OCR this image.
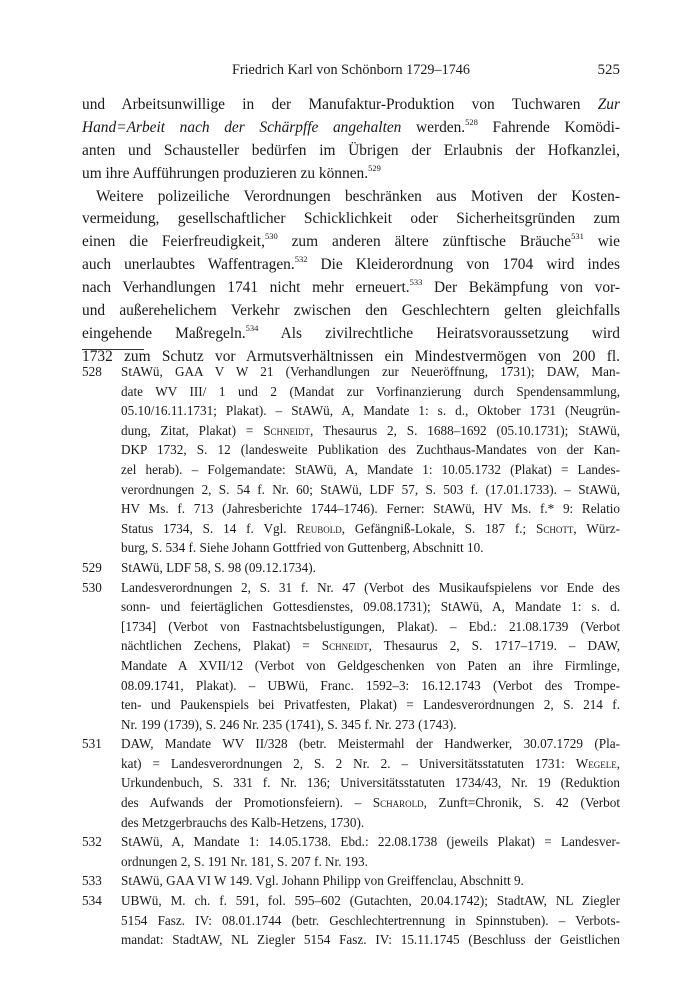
Friedrich Karl von Schönborn 1729–1746	525
und Arbeitsunwillige in der Manufaktur-Produktion von Tuchwaren Zur
Hand=Arbeit nach der Schärpffe angehalten werden.$^{528}$ Fahrende Komödi-
anten und Schausteller bedürfen im Übrigen der Erlaubnis der Hofkanzlei,
um ihre Aufführungen produzieren zu können.$^{529}$
Weitere polizeiliche Verordnungen beschränken aus Motiven der Kosten-
vermeidung, gesellschaftlicher Schicklichkeit oder Sicherheitsgründen zum
einen die Feierfreudigkeit,$^{530}$ zum anderen ältere zünftische Bräuche$^{531}$ wie
auch unerlaubtes Waffentragen.$^{532}$ Die Kleiderordnung von 1704 wird indes
nach Verhandlungen 1741 nicht mehr erneuert.$^{533}$ Der Bekämpfung von vor-
und außerehelichem Verkehr zwischen den Geschlechtern gelten gleichfalls
eingehende Maßregeln.$^{534}$ Als zivilrechtliche Heiratsvoraussetzung wird
1732 zum Schutz vor Armutsverhältnissen ein Mindestvermögen von 200 fl.
528 StAWü, GAA V W 21 (Verhandlungen zur Neueröffnung, 1731); DAW, Man-
date WV III/ 1 und 2 (Mandat zur Vorfinanzierung durch Spendensammlung,
05.10/16.11.1731; Plakat). – StAWü, A, Mandate 1: s. d., Oktober 1731 (Neugrün-
dung, Zitat, Plakat) = Schneidt, Thesaurus 2, S. 1688–1692 (05.10.1731); StAWü,
DKP 1732, S. 12 (landesweite Publikation des Zuchthaus-Mandates von der Kan-
zel herab). – Folgemandate: StAWü, A, Mandate 1: 10.05.1732 (Plakat) = Landes-
verordnungen 2, S. 54 f. Nr. 60; StAWü, LDF 57, S. 503 f. (17.01.1733). – StAWü,
HV Ms. f. 713 (Jahresberichte 1744–1746). Ferner: StAWü, HV Ms. f.* 9: Relatio
Status 1734, S. 14 f. Vgl. Reubold, Gefängniß-Lokale, S. 187 f.; Schott, Würz-
burg, S. 534 f. Siehe Johann Gottfried von Guttenberg, Abschnitt 10.
529 StAWü, LDF 58, S. 98 (09.12.1734).
530 Landesverordnungen 2, S. 31 f. Nr. 47 (Verbot des Musikaufspielens vor Ende des
sonn- und feiertäglichen Gottesdienstes, 09.08.1731); StAWü, A, Mandate 1: s. d.
[1734] (Verbot von Fastnachtsbelustigungen, Plakat). – Ebd.: 21.08.1739 (Verbot
nächtlichen Zechens, Plakat) = Schneidt, Thesaurus 2, S. 1717–1719. – DAW,
Mandate A XVII/12 (Verbot von Geldgeschenken von Paten an ihre Firmlinge,
08.09.1741, Plakat). – UBWü, Franc. 1592–3: 16.12.1743 (Verbot des Trompe-
ten- und Paukenspiels bei Privatfesten, Plakat) = Landesverordnungen 2, S. 214 f.
Nr. 199 (1739), S. 246 Nr. 235 (1741), S. 345 f. Nr. 273 (1743).
531 DAW, Mandate WV II/328 (betr. Meistermahl der Handwerker, 30.07.1729 (Pla-
kat) = Landesverordnungen 2, S. 2 Nr. 2. – Universitätsstatuten 1731: Wegele,
Urkundenbuch, S. 331 f. Nr. 136; Universitätsstatuten 1734/43, Nr. 19 (Reduktion
des Aufwands der Promotionsfeiern). – Scharold, Zunft=Chronik, S. 42 (Verbot
des Metzgerbrauchs des Kalb-Hetzens, 1730).
532 StAWü, A, Mandate 1: 14.05.1738. Ebd.: 22.08.1738 (jeweils Plakat) = Landesver-
ordnungen 2, S. 191 Nr. 181, S. 207 f. Nr. 193.
533 StAWü, GAA VI W 149. Vgl. Johann Philipp von Greiffenclau, Abschnitt 9.
534 UBWü, M. ch. f. 591, fol. 595–602 (Gutachten, 20.04.1742); StadtAW, NL Ziegler
5154 Fasz. IV: 08.01.1744 (betr. Geschlechtertrennung in Spinnstuben). – Verbots-
mandat: StadtAW, NL Ziegler 5154 Fasz. IV: 15.11.1745 (Beschluss der Geistlichen
